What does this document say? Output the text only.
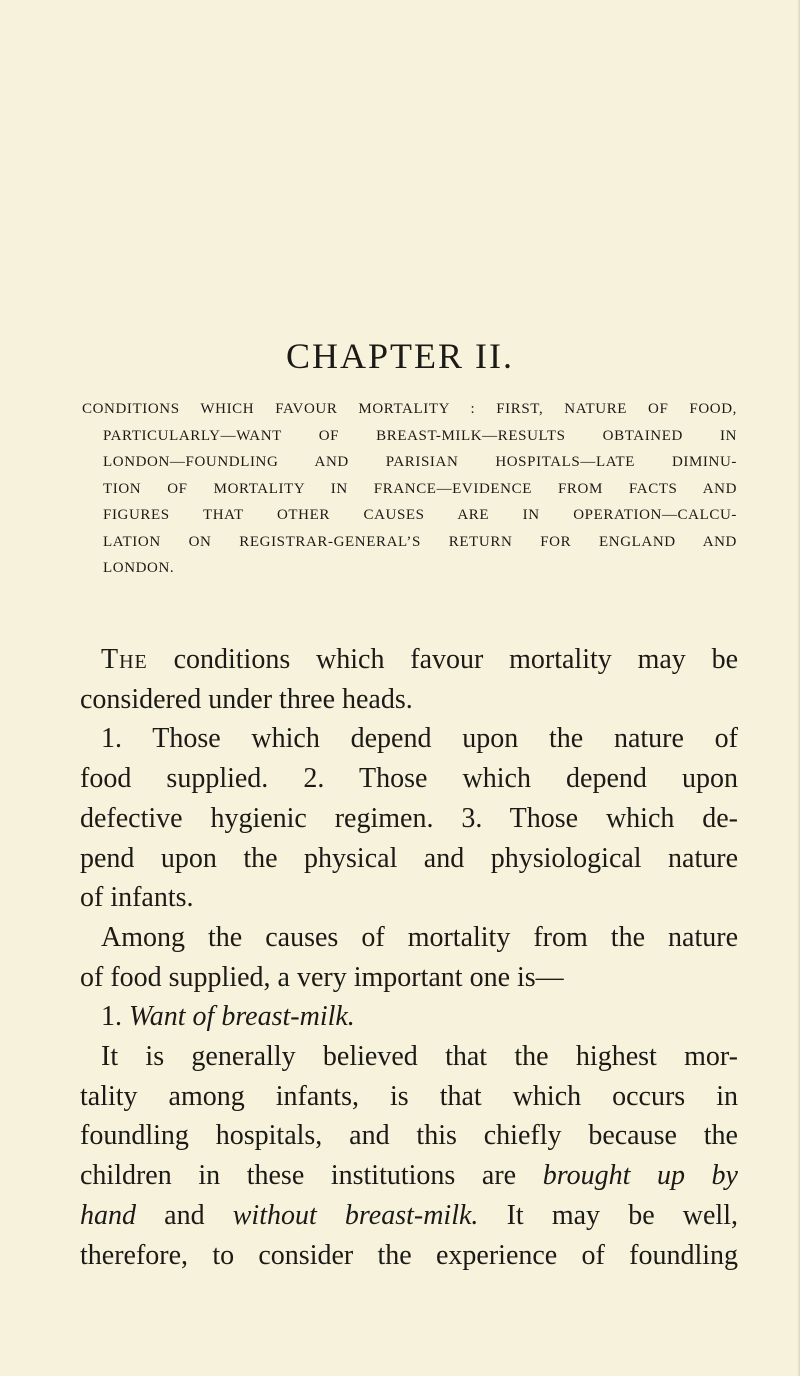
CHAPTER II.

CONDITIONS WHICH FAVOUR MORTALITY : FIRST, NATURE OF FOOD,
PARTICULARLY—WANT OF BREAST-MILK—RESULTS OBTAINED IN
LONDON—FOUNDLING AND PARISIAN HOSPITALS—LATE DIMINU-
TION OF MORTALITY IN FRANCE—EVIDENCE FROM FACTS AND
FIGURES THAT OTHER CAUSES ARE IN OPERATION—CALCU-
LATION ON REGISTRAR-GENERAL’S RETURN FOR ENGLAND AND
LONDON.

The conditions which favour mortality may be
considered under three heads.
1. Those which depend upon the nature of
food supplied. 2. Those which depend upon
defective hygienic regimen. 3. Those which de-
pend upon the physical and physiological nature
of infants.
Among the causes of mortality from the nature
of food supplied, a very important one is—
1. Want of breast-milk.
It is generally believed that the highest mor-
tality among infants, is that which occurs in
foundling hospitals, and this chiefly because the
children in these institutions are brought up by
hand and without breast-milk. It may be well,
therefore, to consider the experience of foundling
